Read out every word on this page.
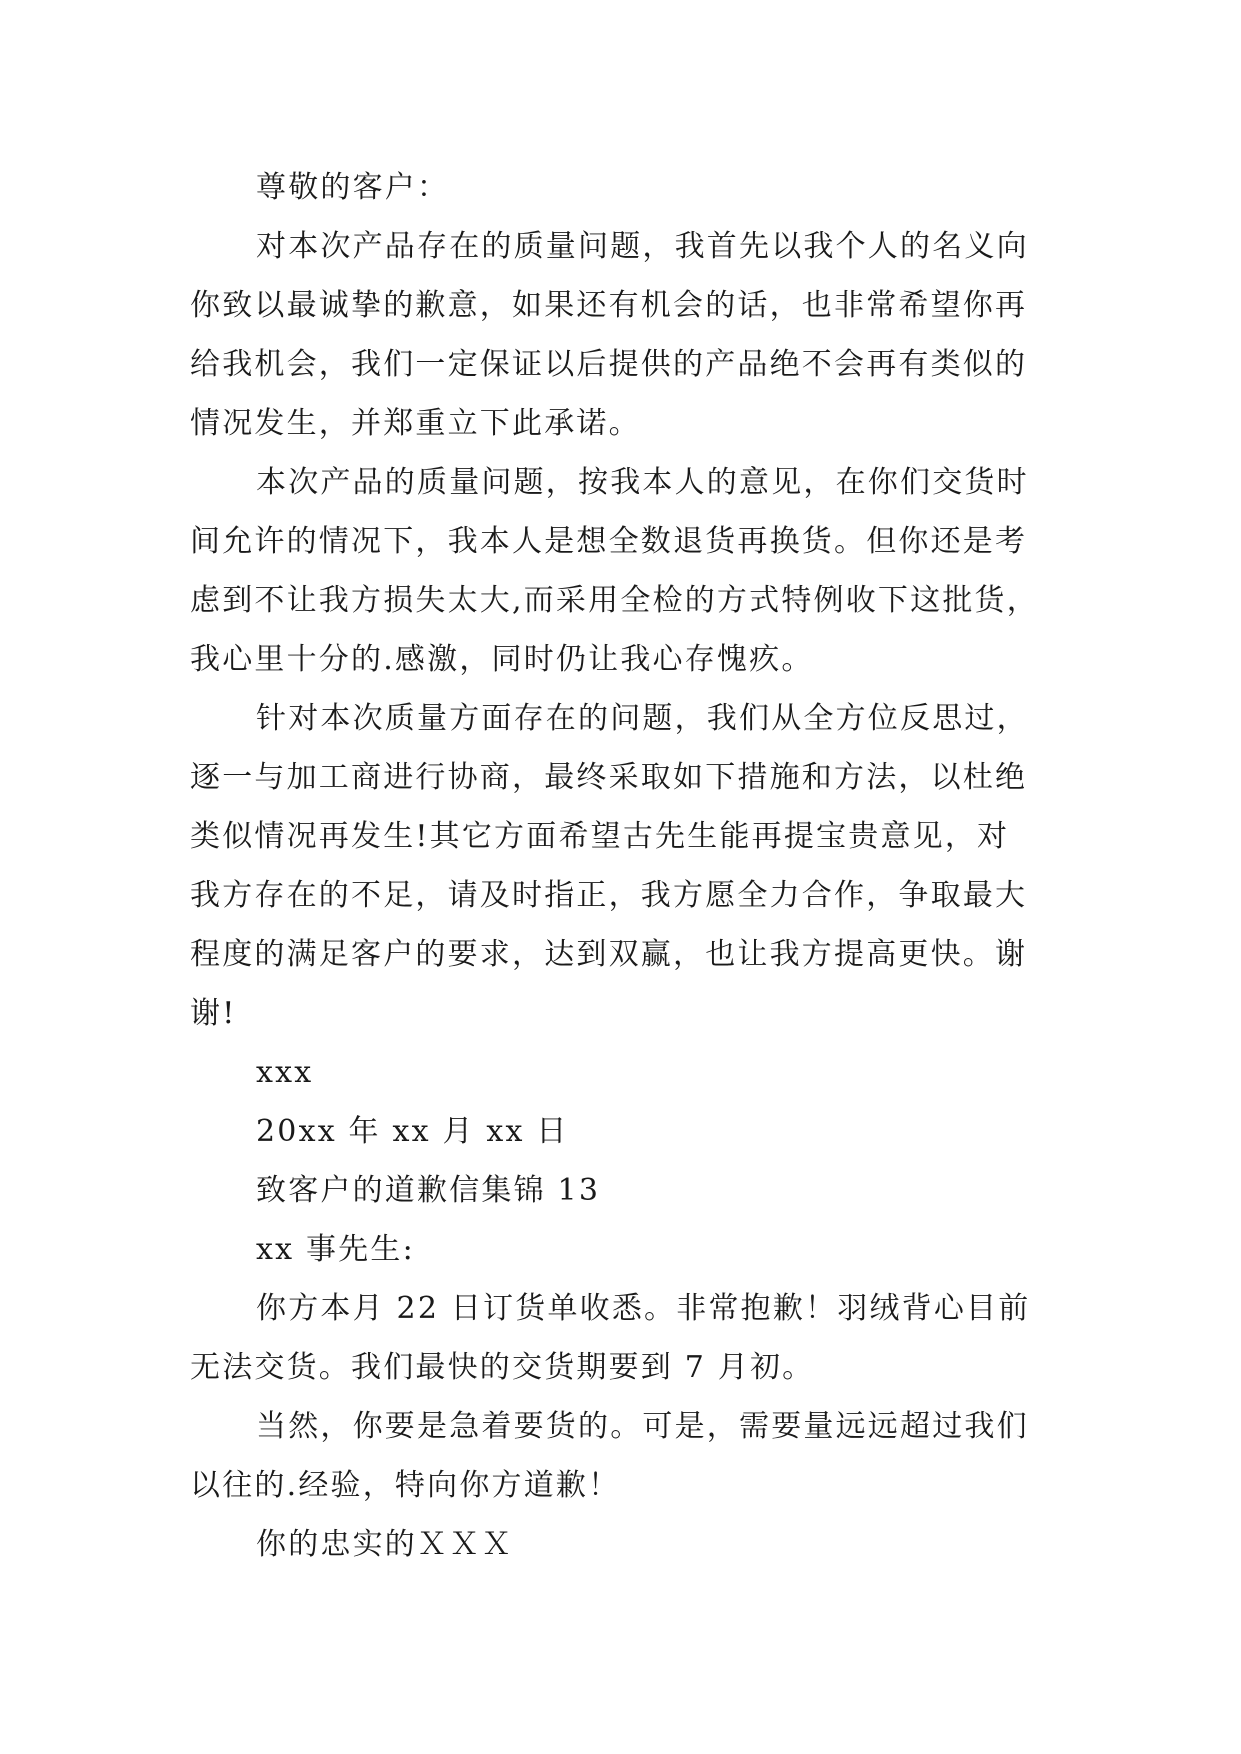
尊敬的客户：
对本次产品存在的质量问题，我首先以我个人的名义向
你致以最诚挚的歉意，如果还有机会的话，也非常希望你再
给我机会，我们一定保证以后提供的产品绝不会再有类似的
情况发生，并郑重立下此承诺。
本次产品的质量问题，按我本人的意见，在你们交货时
间允许的情况下，我本人是想全数退货再换货。但你还是考
虑到不让我方损失太大,而采用全检的方式特例收下这批货，
我心里十分的.感激，同时仍让我心存愧疚。
针对本次质量方面存在的问题，我们从全方位反思过，
逐一与加工商进行协商，最终采取如下措施和方法，以杜绝
类似情况再发生!其它方面希望古先生能再提宝贵意见，对
我方存在的不足，请及时指正，我方愿全力合作，争取最大
程度的满足客户的要求，达到双赢，也让我方提高更快。谢
谢!
xxx
20xx 年 xx 月 xx 日
致客户的道歉信集锦 13
xx 事先生:
你方本月 22 日订货单收悉。非常抱歉！羽绒背心目前
无法交货。我们最快的交货期要到 7 月初。
当然，你要是急着要货的。可是，需要量远远超过我们
以往的.经验，特向你方道歉！
你的忠实的ＸＸＸ
